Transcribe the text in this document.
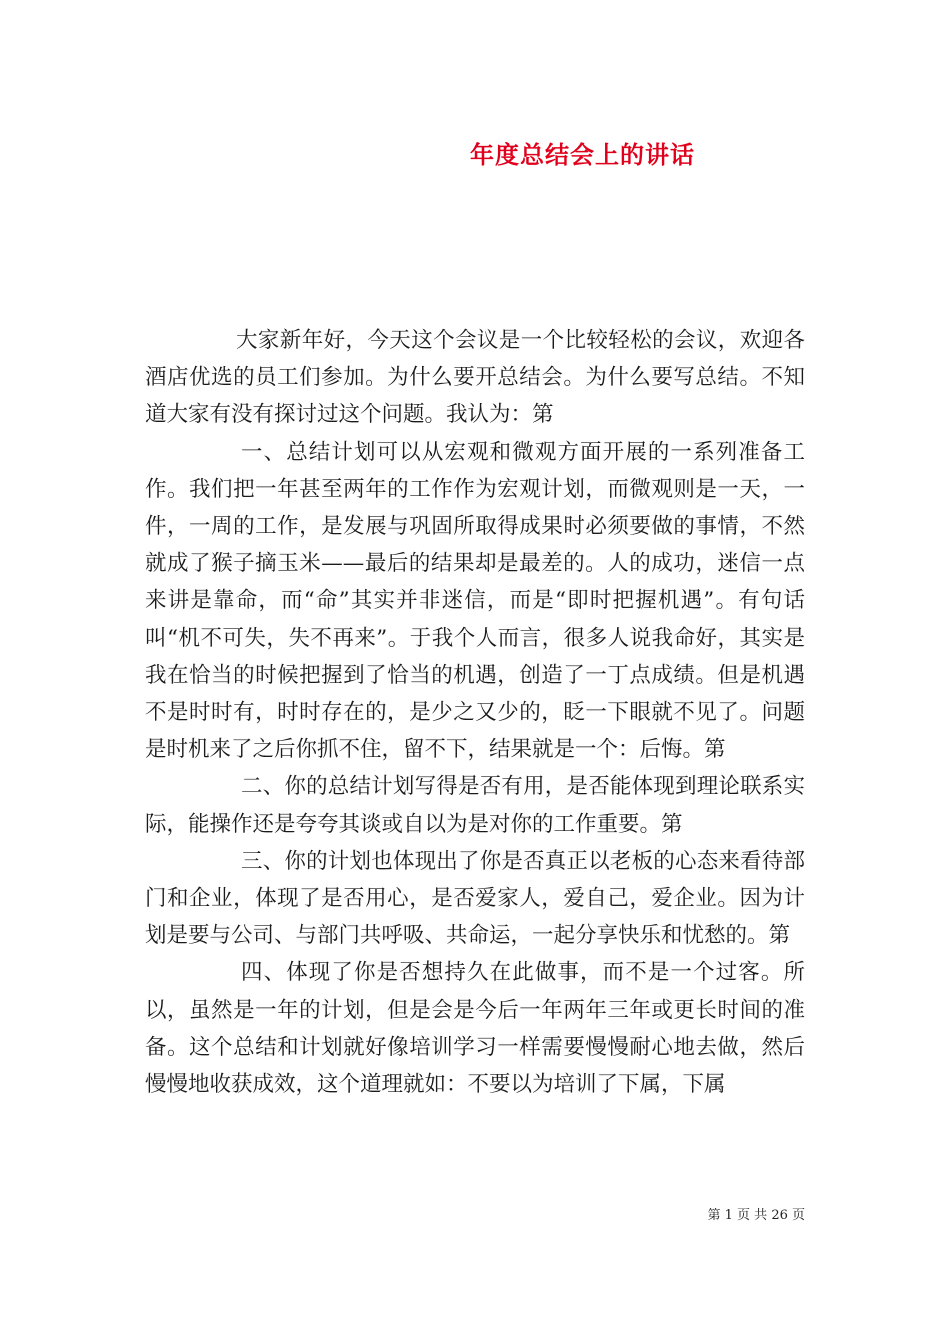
年度总结会上的讲话

大家新年好，今天这个会议是一个比较轻松的会议，欢迎各酒店优选的员工们参加。为什么要开总结会。为什么要写总结。不知道大家有没有探讨过这个问题。我认为：第

一、总结计划可以从宏观和微观方面开展的一系列准备工作。我们把一年甚至两年的工作作为宏观计划，而微观则是一天，一件，一周的工作，是发展与巩固所取得成果时必须要做的事情，不然就成了猴子摘玉米——最后的结果却是最差的。人的成功，迷信一点来讲是靠命，而“命”其实并非迷信，而是“即时把握机遇”。有句话叫“机不可失，失不再来”。于我个人而言，很多人说我命好，其实是我在恰当的时候把握到了恰当的机遇，创造了一丁点成绩。但是机遇不是时时有，时时存在的，是少之又少的，眨一下眼就不见了。问题是时机来了之后你抓不住，留不下，结果就是一个：后悔。第

二、你的总结计划写得是否有用，是否能体现到理论联系实际，能操作还是夸夸其谈或自以为是对你的工作重要。第

三、你的计划也体现出了你是否真正以老板的心态来看待部门和企业，体现了是否用心，是否爱家人，爱自己，爱企业。因为计划是要与公司、与部门共呼吸、共命运，一起分享快乐和忧愁的。第

四、体现了你是否想持久在此做事，而不是一个过客。所以，虽然是一年的计划，但是会是今后一年两年三年或更长时间的准备。这个总结和计划就好像培训学习一样需要慢慢耐心地去做，然后慢慢地收获成效，这个道理就如：不要以为培训了下属，下属

第 1 页 共 26 页
